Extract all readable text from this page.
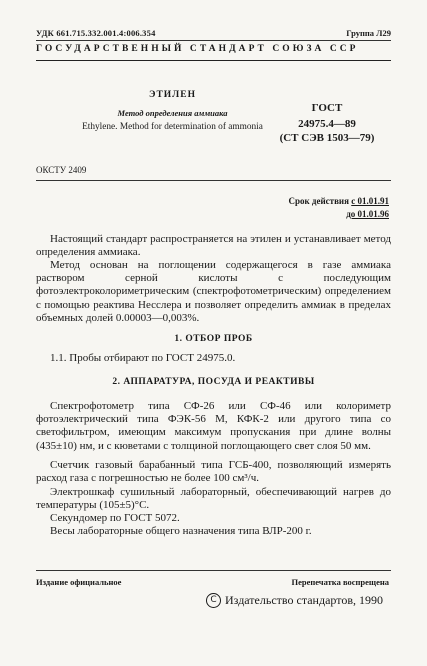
УДК 661.715.332.001.4:006.354	Группа Л29
ГОСУДАРСТВЕННЫЙ СТАНДАРТ СОЮЗА ССР
ЭТИЛЕН
Метод определения аммиака
Ethylene. Method for determination of ammonia
ГОСТ
24975.4—89
(СТ СЭВ 1503—79)
ОКСТУ 2409
Срок действия с 01.01.91
до 01.01.96

Настоящий стандарт распространяется на этилен и устанавливает метод определения аммиака.

Метод основан на поглощении содержащегося в газе аммиака раствором серной кислоты с последующим фотоэлектроколориметрическим (спектрофотометрическим) определением с помощью реактива Несслера и позволяет определить аммиак в пределах объемных долей 0.00003—0,003%.

1. ОТБОР ПРОБ
1.1. Пробы отбирают по ГОСТ 24975.0.
2. АППАРАТУРА, ПОСУДА И РЕАКТИВЫ

Спектрофотометр типа СФ-26 или СФ-46 или колориметр фотоэлектрический типа ФЭК-56 М, КФК-2 или другого типа со светофильтром, имеющим максимум пропускания при длине волны (435±10) нм, и с кюветами с толщиной поглощающего свет слоя 50 мм.

Счетчик газовый барабанный типа ГСБ-400, позволяющий измерять расход газа с погрешностью не более 100 см³/ч.

Электрошкаф сушильный лабораторный, обеспечивающий нагрев до температуры (105±5)°С.

Секундомер по ГОСТ 5072.

Весы лабораторные общего назначения типа ВЛР-200 г.

Издание официальное	Перепечатка воспрещена
C Издательство стандартов, 1990
